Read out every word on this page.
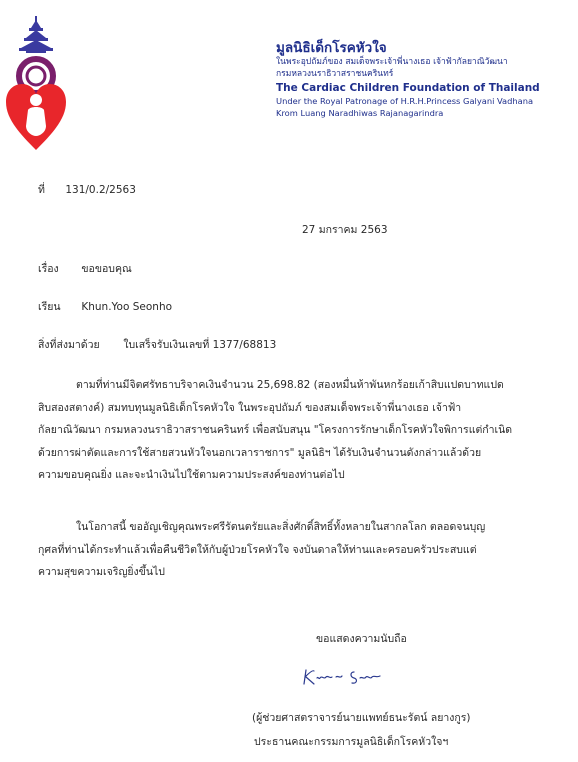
มูลนิธิเด็กโรคหัวใจ
ในพระอุปถัมภ์ของ สมเด็จพระเจ้าพี่นางเธอ เจ้าฟ้ากัลยาณิวัฒนา
กรมหลวงนราธิวาสราชนครินทร์
The Cardiac Children Foundation of Thailand
Under the Royal Patronage of H.R.H.Princess Galyani Vadhana
Krom Luang Naradhiwas Rajanagarindra
ที่ 131/0.2/2563
27 มกราคม 2563
เรื่อง ขอขอบคุณ
เรียน Khun.Yoo Seonho
สิ่งที่ส่งมาด้วย ใบเสร็จรับเงินเลขที่ 1377/68813
ตามที่ท่านมีจิตศรัทธาบริจาคเงินจำนวน 25,698.82 (สองหมื่นห้าพันหกร้อยเก้าสิบแปดบาทแปด
สิบสองสตางค์) สมทบทุนมูลนิธิเด็กโรคหัวใจ ในพระอุปถัมภ์ ของสมเด็จพระเจ้าพี่นางเธอ เจ้าฟ้า
กัลยาณิวัฒนา กรมหลวงนราธิวาสราชนครินทร์ เพื่อสนับสนุน "โครงการรักษาเด็กโรคหัวใจพิการแต่กำเนิด
ด้วยการผ่าตัดและการใช้สายสวนหัวใจนอกเวลาราชการ" มูลนิธิฯ ได้รับเงินจำนวนดังกล่าวแล้วด้วย
ความขอบคุณยิ่ง และจะนำเงินไปใช้ตามความประสงค์ของท่านต่อไป
ในโอกาสนี้ ขออัญเชิญคุณพระศรีรัตนตรัยและสิ่งศักดิ์สิทธิ์ทั้งหลายในสากลโลก ตลอดจนบุญ
กุศลที่ท่านได้กระทำแล้วเพื่อคืนชีวิตให้กับผู้ป่วยโรคหัวใจ จงบันดาลให้ท่านและครอบครัวประสบแต่
ความสุขความเจริญยิ่งขึ้นไป
ขอแสดงความนับถือ
(ผู้ช่วยศาสตราจารย์นายแพทย์ธนะรัตน์ ลยางกูร)
ประธานคณะกรรมการมูลนิธิเด็กโรคหัวใจฯ
